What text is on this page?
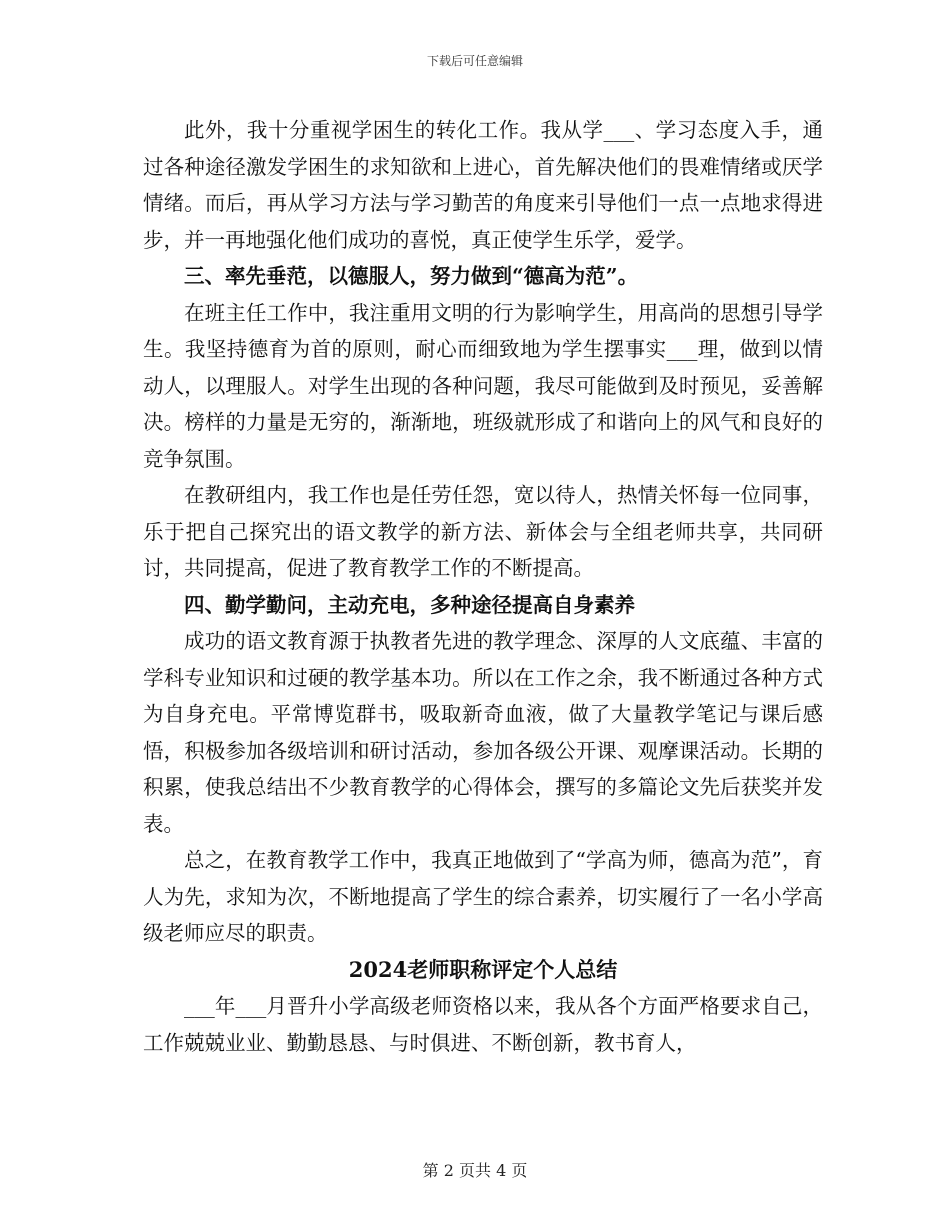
下载后可任意编辑

此外，我十分重视学困生的转化工作。我从学___、学习态度入手，通过各种途径激发学困生的求知欲和上进心，首先解决他们的畏难情绪或厌学情绪。而后，再从学习方法与学习勤苦的角度来引导他们一点一点地求得进步，并一再地强化他们成功的喜悦，真正使学生乐学，爱学。

三、率先垂范，以德服人，努力做到“德高为范”。

在班主任工作中，我注重用文明的行为影响学生，用高尚的思想引导学生。我坚持德育为首的原则，耐心而细致地为学生摆事实___理，做到以情动人，以理服人。对学生出现的各种问题，我尽可能做到及时预见，妥善解决。榜样的力量是无穷的，渐渐地，班级就形成了和谐向上的风气和良好的竞争氛围。

在教研组内，我工作也是任劳任怨，宽以待人，热情关怀每一位同事，乐于把自己探究出的语文教学的新方法、新体会与全组老师共享，共同研讨，共同提高，促进了教育教学工作的不断提高。

四、勤学勤问，主动充电，多种途径提高自身素养

成功的语文教育源于执教者先进的教学理念、深厚的人文底蕴、丰富的学科专业知识和过硬的教学基本功。所以在工作之余，我不断通过各种方式为自身充电。平常博览群书，吸取新奇血液，做了大量教学笔记与课后感悟，积极参加各级培训和研讨活动，参加各级公开课、观摩课活动。长期的积累，使我总结出不少教育教学的心得体会，撰写的多篇论文先后获奖并发表。

总之，在教育教学工作中，我真正地做到了“学高为师，德高为范”，育人为先，求知为次，不断地提高了学生的综合素养，切实履行了一名小学高级老师应尽的职责。

2024老师职称评定个人总结

___年___月晋升小学高级老师资格以来，我从各个方面严格要求自己，工作兢兢业业、勤勤恳恳、与时俱进、不断创新，教书育人，

第 2 页共 4 页
